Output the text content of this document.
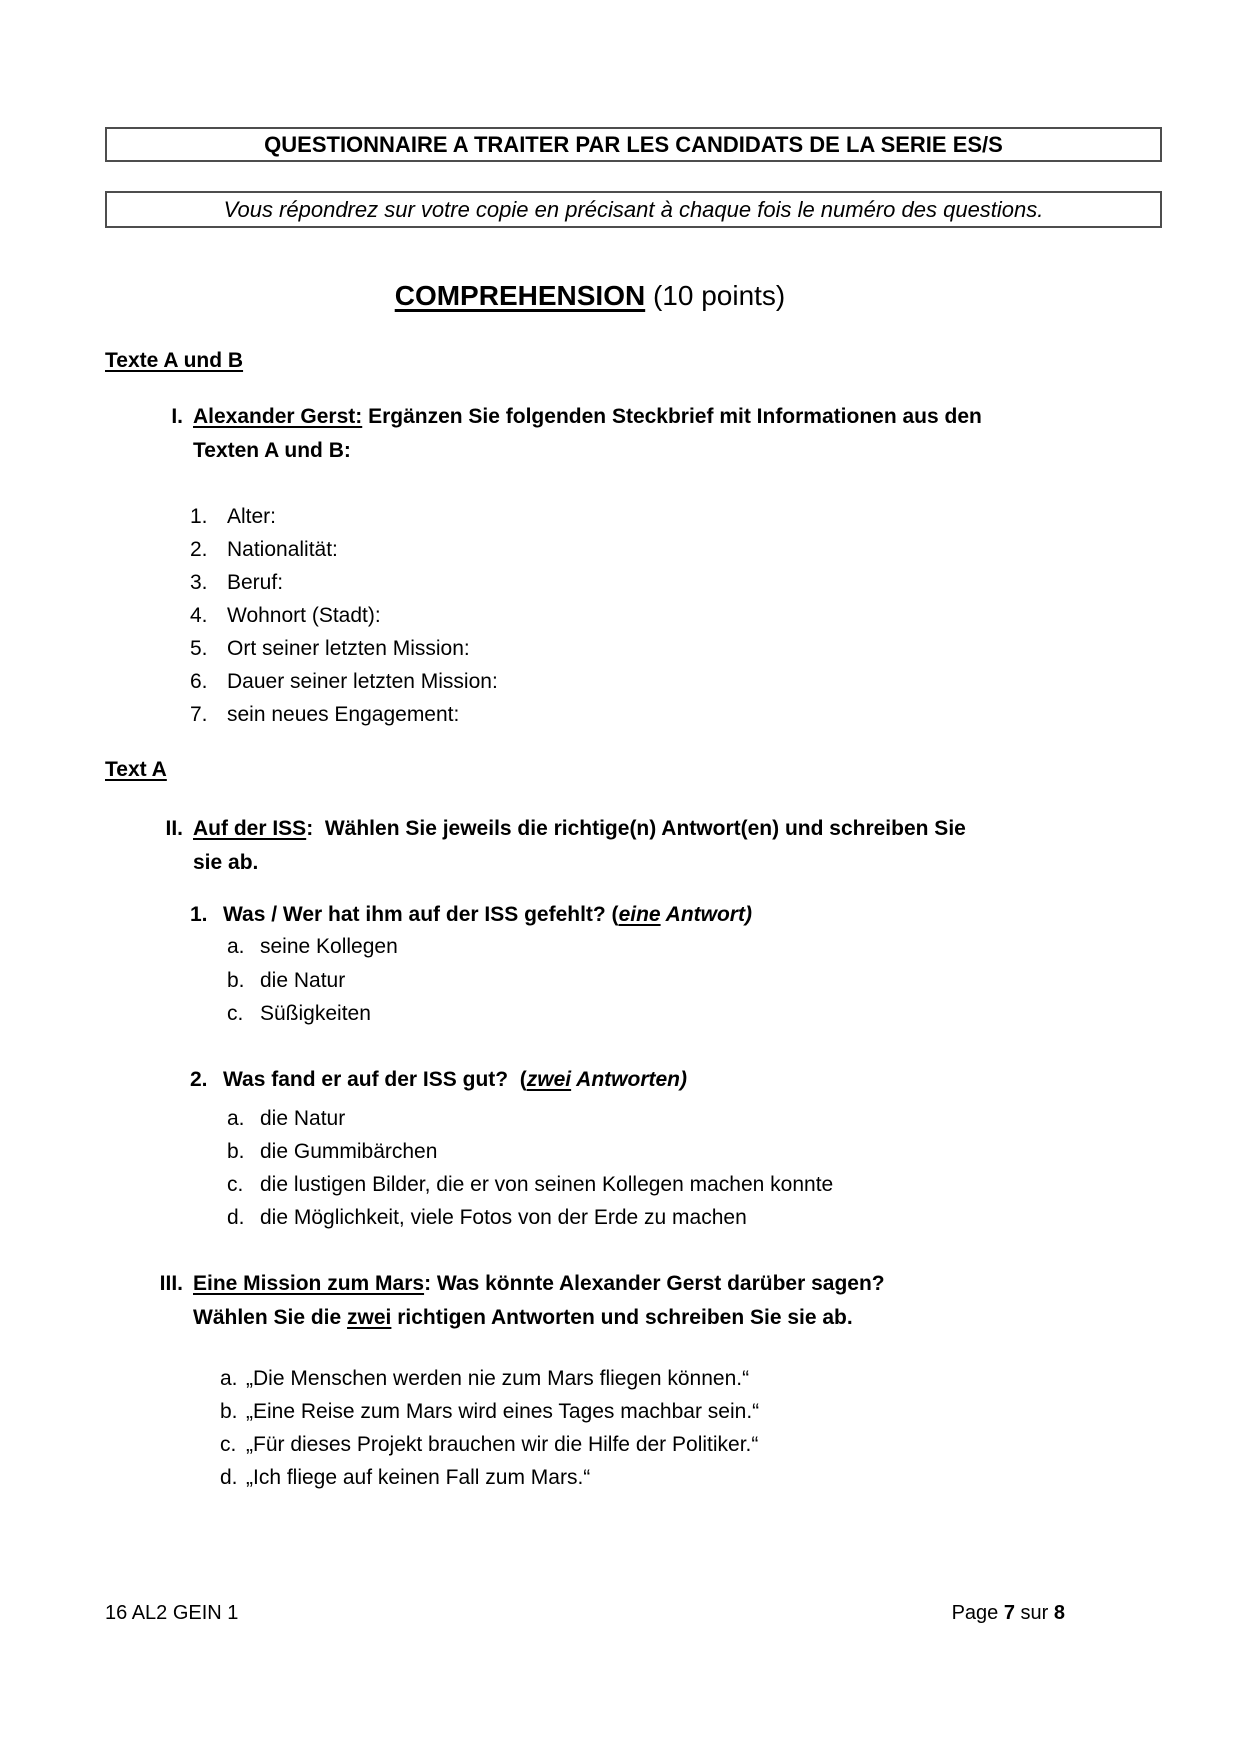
QUESTIONNAIRE A TRAITER PAR LES CANDIDATS DE LA SERIE ES/S
Vous répondrez sur votre copie en précisant à chaque fois le numéro des questions.
COMPREHENSION (10 points)
Texte A und B
I. Alexander Gerst: Ergänzen Sie folgenden Steckbrief mit Informationen aus den
Texten A und B:
1. Alter:
2. Nationalität:
3. Beruf:
4. Wohnort (Stadt):
5. Ort seiner letzten Mission:
6. Dauer seiner letzten Mission:
7. sein neues Engagement:
Text A
II. Auf der ISS:  Wählen Sie jeweils die richtige(n) Antwort(en) und schreiben Sie
sie ab.
1. Was / Wer hat ihm auf der ISS gefehlt? (eine Antwort)
a. seine Kollegen
b. die Natur
c. Süßigkeiten
2. Was fand er auf der ISS gut?  (zwei Antworten)
a. die Natur
b. die Gummibärchen
c. die lustigen Bilder, die er von seinen Kollegen machen konnte
d. die Möglichkeit, viele Fotos von der Erde zu machen
III. Eine Mission zum Mars: Was könnte Alexander Gerst darüber sagen?
Wählen Sie die zwei richtigen Antworten und schreiben Sie sie ab.
a. „Die Menschen werden nie zum Mars fliegen können.“
b. „Eine Reise zum Mars wird eines Tages machbar sein.“
c. „Für dieses Projekt brauchen wir die Hilfe der Politiker.“
d. „Ich fliege auf keinen Fall zum Mars.“
16 AL2 GEIN 1	Page 7 sur 8
